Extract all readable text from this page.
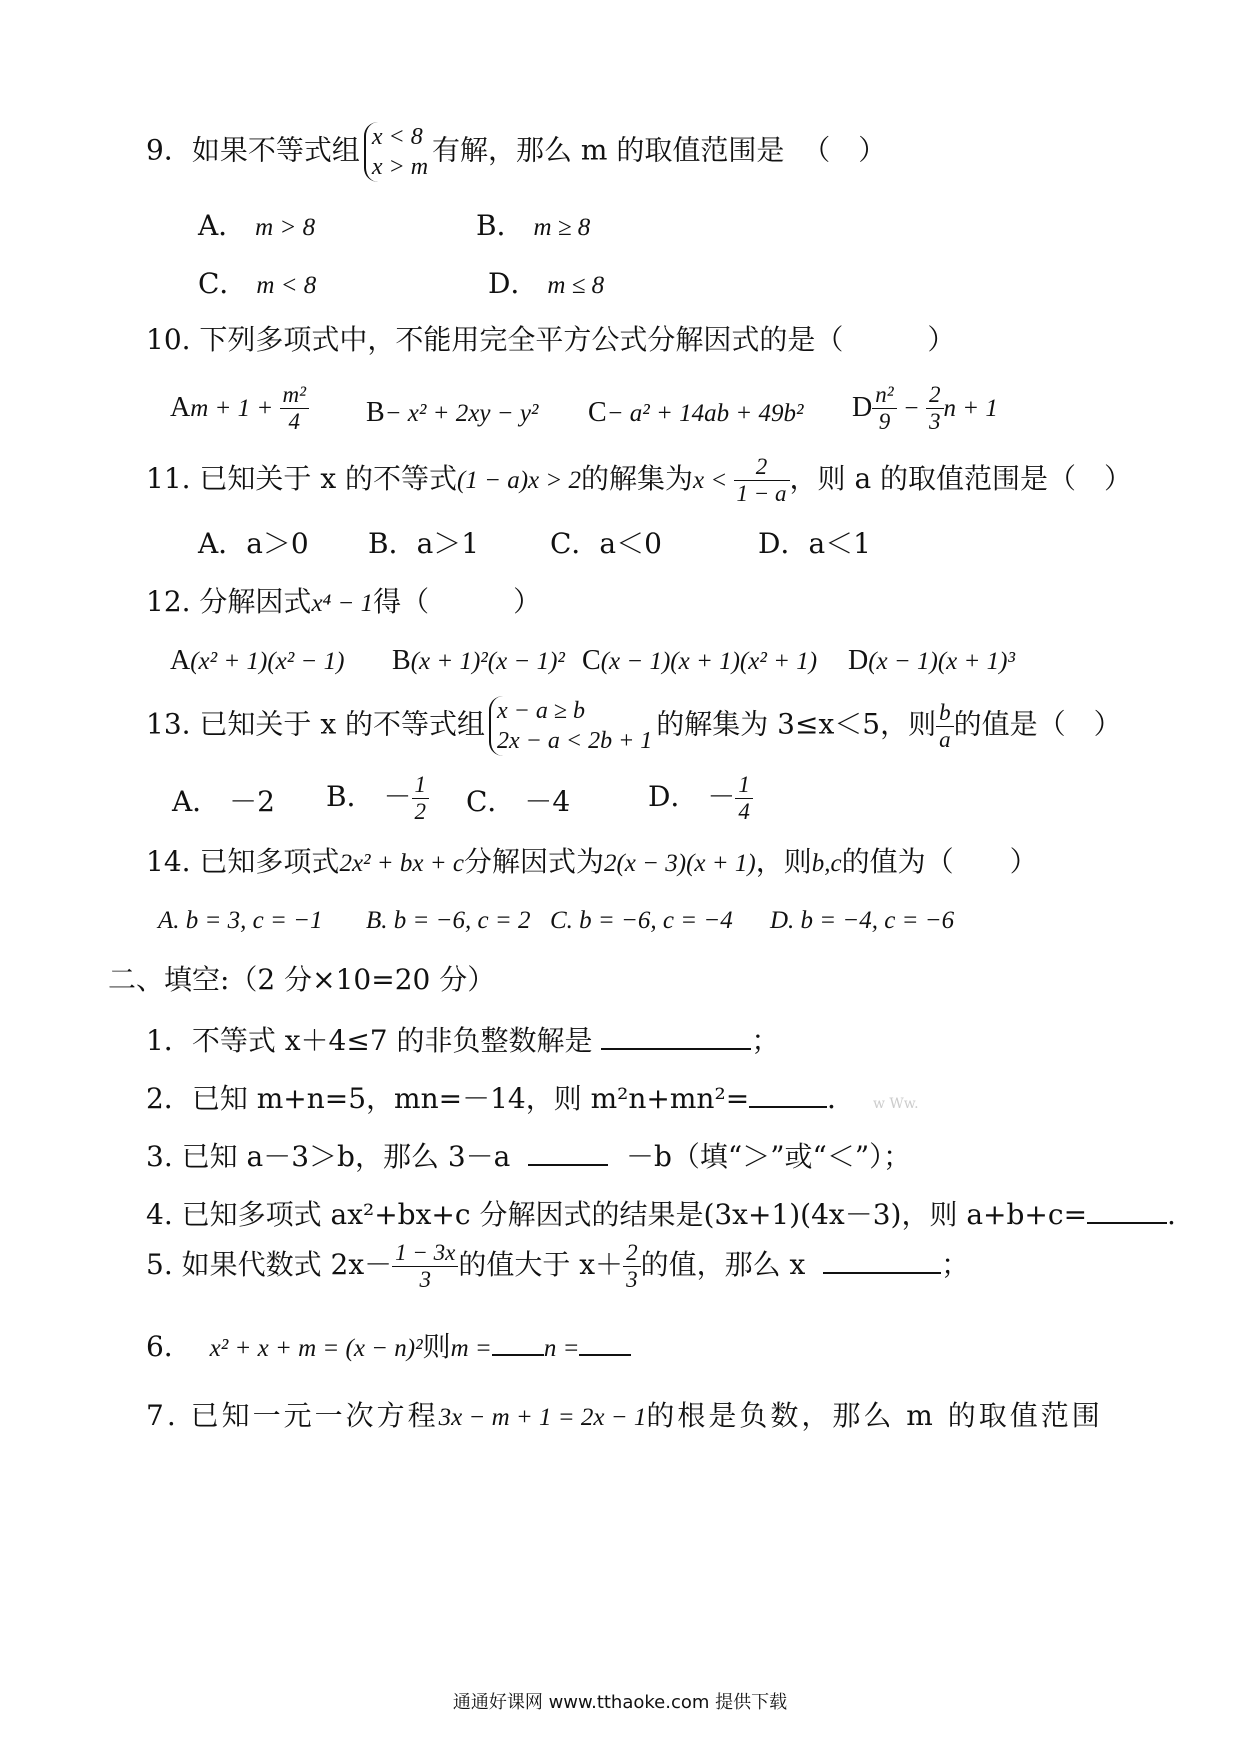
9．如果不等式组 x < 8
x > m
有解，那么 m 的取值范围是 （　）
A． m > 8	B． m ≥ 8
C． m < 8	D． m ≤ 8
10. 下列多项式中，不能用完全平方公式分解因式的是（　　　）
$Am + 1 + \frac{\text{m²}}{4} B- x^2 + 2xy - y^2$ C− a² + 14ab + 49b² D $\frac{\text{n²}}{9} - \frac{2}{3}$ n + 1
11. 已知关于 x 的不等式(1 − a)x > 2的解集为$x < \frac{2}{1 - a}$ ，则 a 的取值范围是（　）
A．a＞0 B．a＞1	C．a＜0	D．a＜1
12. 分解因式x⁴ − 1得（　　　）
A(x² + 1)(x² − 1) B(x + 1)²(x − 1)² C(x − 1)(x + 1)(x² + 1) D(x − 1)(x + 1)³
13. 已知关于 x 的不等式组 x − a ≥ b
2x − a < 2b + 1
的解集为 3≤x＜5，则 $\frac{b}{a}$ 的值是（　）
A． －2 B． － $\frac{1}{2}$ C． －4	D． － $\frac{1}{4}$
14. 已知多项式2x² + bx + c分解因式为2(x − 3)(x + 1)，则b,c的值为（　　）
A. b = 3, c = −1 B. b = −6, c = 2 C. b = −6, c = −4 D. b = −4, c = −6
二、填空:（2 分×10=20 分）
1．不等式 x＋4≤7 的非负整数解是	；
2．已知 m+n=5，mn=－14，则 m²n+mn²=	． w Ww.
3. 已知 a－3＞b，那么 3－a	－b（填“＞”或“＜”）；
4. 已知多项式 ax²+bx+c 分解因式的结果是(3x+1)(4x－3)，则 a+b+c=	.
5. 如果代数式 $2x- \frac{1 - 3x}{3}$ 的值大于 $x+ \frac{2}{3}$ 的值，那么 x	；
6． x² + x + m = (x − n)²则m = n =
7. 已知一元一次方程3x − m + 1 = 2x − 1的根是负数，那么 m 的取值范围
通通好课网 www.tthaoke.com 提供下载
